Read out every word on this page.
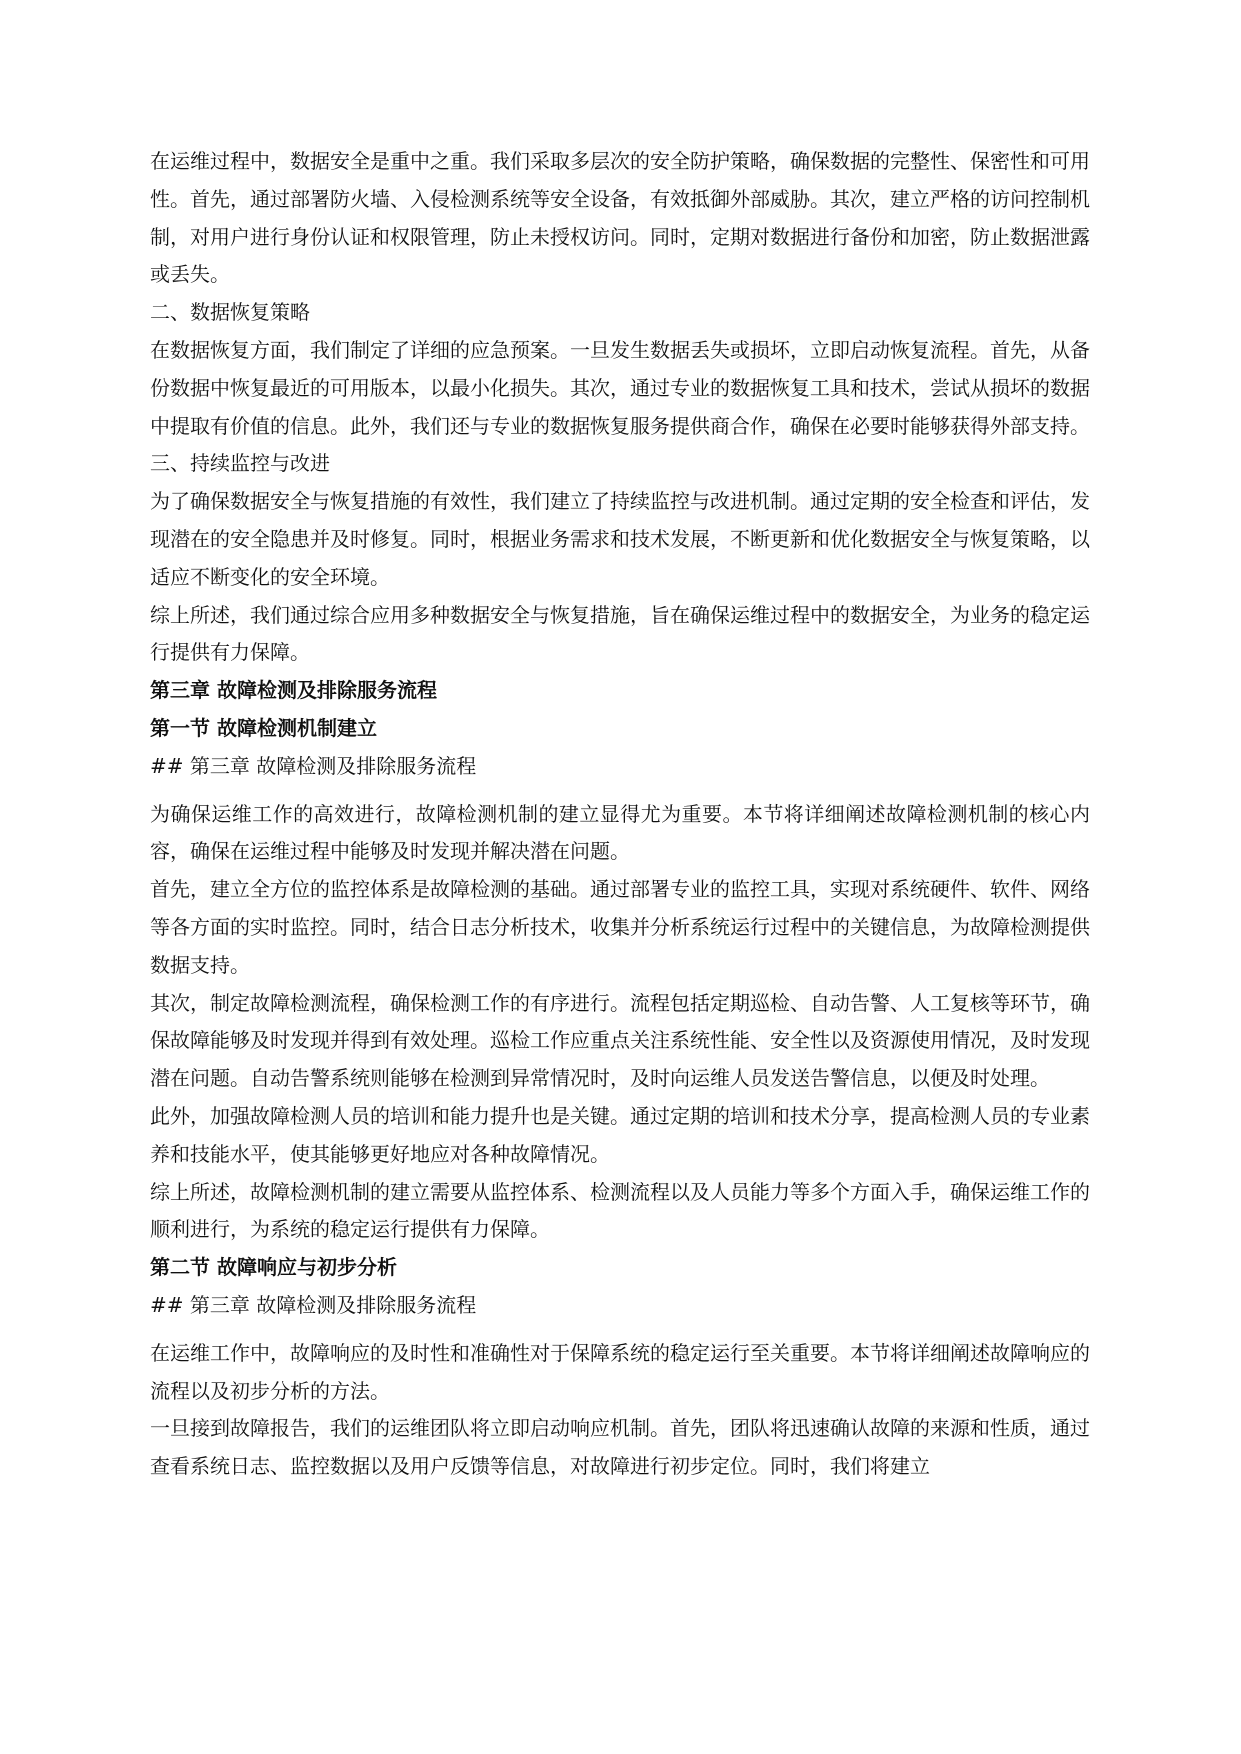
在运维过程中，数据安全是重中之重。我们采取多层次的安全防护策略，确保数据的完整性、保密性和可用性。首先，通过部署防火墙、入侵检测系统等安全设备，有效抵御外部威胁。其次，建立严格的访问控制机制，对用户进行身份认证和权限管理，防止未授权访问。同时，定期对数据进行备份和加密，防止数据泄露或丢失。

二、数据恢复策略

在数据恢复方面，我们制定了详细的应急预案。一旦发生数据丢失或损坏，立即启动恢复流程。首先，从备份数据中恢复最近的可用版本，以最小化损失。其次，通过专业的数据恢复工具和技术，尝试从损坏的数据中提取有价值的信息。此外，我们还与专业的数据恢复服务提供商合作，确保在必要时能够获得外部支持。

三、持续监控与改进

为了确保数据安全与恢复措施的有效性，我们建立了持续监控与改进机制。通过定期的安全检查和评估，发现潜在的安全隐患并及时修复。同时，根据业务需求和技术发展，不断更新和优化数据安全与恢复策略，以适应不断变化的安全环境。

综上所述，我们通过综合应用多种数据安全与恢复措施，旨在确保运维过程中的数据安全，为业务的稳定运行提供有力保障。

第三章 故障检测及排除服务流程

第一节 故障检测机制建立

## 第三章 故障检测及排除服务流程

为确保运维工作的高效进行，故障检测机制的建立显得尤为重要。本节将详细阐述故障检测机制的核心内容，确保在运维过程中能够及时发现并解决潜在问题。

首先，建立全方位的监控体系是故障检测的基础。通过部署专业的监控工具，实现对系统硬件、软件、网络等各方面的实时监控。同时，结合日志分析技术，收集并分析系统运行过程中的关键信息，为故障检测提供数据支持。

其次，制定故障检测流程，确保检测工作的有序进行。流程包括定期巡检、自动告警、人工复核等环节，确保故障能够及时发现并得到有效处理。巡检工作应重点关注系统性能、安全性以及资源使用情况，及时发现潜在问题。自动告警系统则能够在检测到异常情况时，及时向运维人员发送告警信息，以便及时处理。

此外，加强故障检测人员的培训和能力提升也是关键。通过定期的培训和技术分享，提高检测人员的专业素养和技能水平，使其能够更好地应对各种故障情况。

综上所述，故障检测机制的建立需要从监控体系、检测流程以及人员能力等多个方面入手，确保运维工作的顺利进行，为系统的稳定运行提供有力保障。

第二节 故障响应与初步分析

## 第三章 故障检测及排除服务流程

在运维工作中，故障响应的及时性和准确性对于保障系统的稳定运行至关重要。本节将详细阐述故障响应的流程以及初步分析的方法。

一旦接到故障报告，我们的运维团队将立即启动响应机制。首先，团队将迅速确认故障的来源和性质，通过查看系统日志、监控数据以及用户反馈等信息，对故障进行初步定位。同时，我们将建立
